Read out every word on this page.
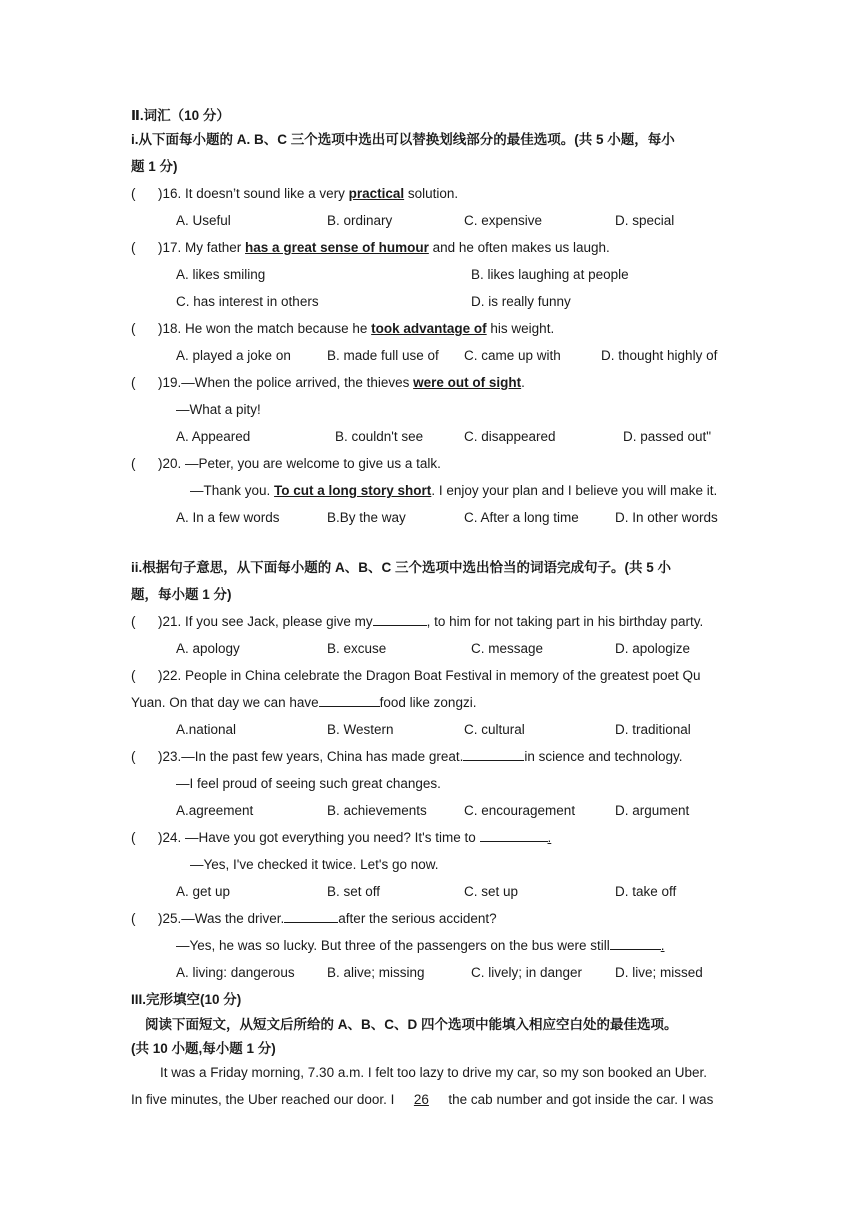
Ⅱ.词汇（10 分）
i.从下面每小题的 A. B、C 三个选项中选出可以替换划线部分的最佳选项。(共 5 小题，每小
题 1 分)
( )16. It doesn’t sound like a very practical solution.
A. Useful	B. ordinary	C. expensive	D. special
( )17. My father has a great sense of humour and he often makes us laugh.
A. likes smiling	B. likes laughing at people
C. has interest in others	D. is really funny
( )18. He won the match because he took advantage of his weight.
A. played a joke on	B. made full use of C. came up with	D. thought highly of
( )19.—When the police arrived, the thieves were out of sight.
—What a pity!
A. Appeared	B. couldn't see	C. disappeared	D. passed out"
( )20. —Peter, you are welcome to give us a talk.
—Thank you. To cut a long story short. I enjoy your plan and I believe you will make it.
A. In a few words	B.By the way	C. After a long time	D. In other words
ii.根据句子意思，从下面每小题的 A、B、C 三个选项中选出恰当的词语完成句子。(共 5 小
题，每小题 1 分)
( )21. If you see Jack, please give my	, to him for not taking part in his birthday party.
A. apology	B. excuse	C. message	D. apologize
( )22. People in China celebrate the Dragon Boat Festival in memory of the greatest poet Qu
Yuan. On that day we can have	food like zongzi.
A.national	B. Western	C. cultural	D. traditional
( )23.—In the past few years, China has made great.	in science and technology.
—I feel proud of seeing such great changes.
A.agreement	B. achievements	C. encouragement	D. argument
( )24. —Have you got everything you need? It's time to	.
—Yes, I've checked it twice. Let's go now.
A. get up	B. set off	C. set up	D. take off
( )25.—Was the driver.	after the serious accident?
—Yes, he was so lucky. But three of the passengers on the bus were still	.
A. living: dangerous B. alive; missing	C. lively; in danger D. live; missed
III.完形填空(10 分)
阅读下面短文，从短文后所给的 A、B、C、D 四个选项中能填入相应空白处的最佳选项。
(共 10 小题,每小题 1 分)
It was a Friday morning, 7.30 a.m. I felt too lazy to drive my car, so my son booked an Uber.
In five minutes, the Uber reached our door. I 26 the cab number and got inside the car. I was
